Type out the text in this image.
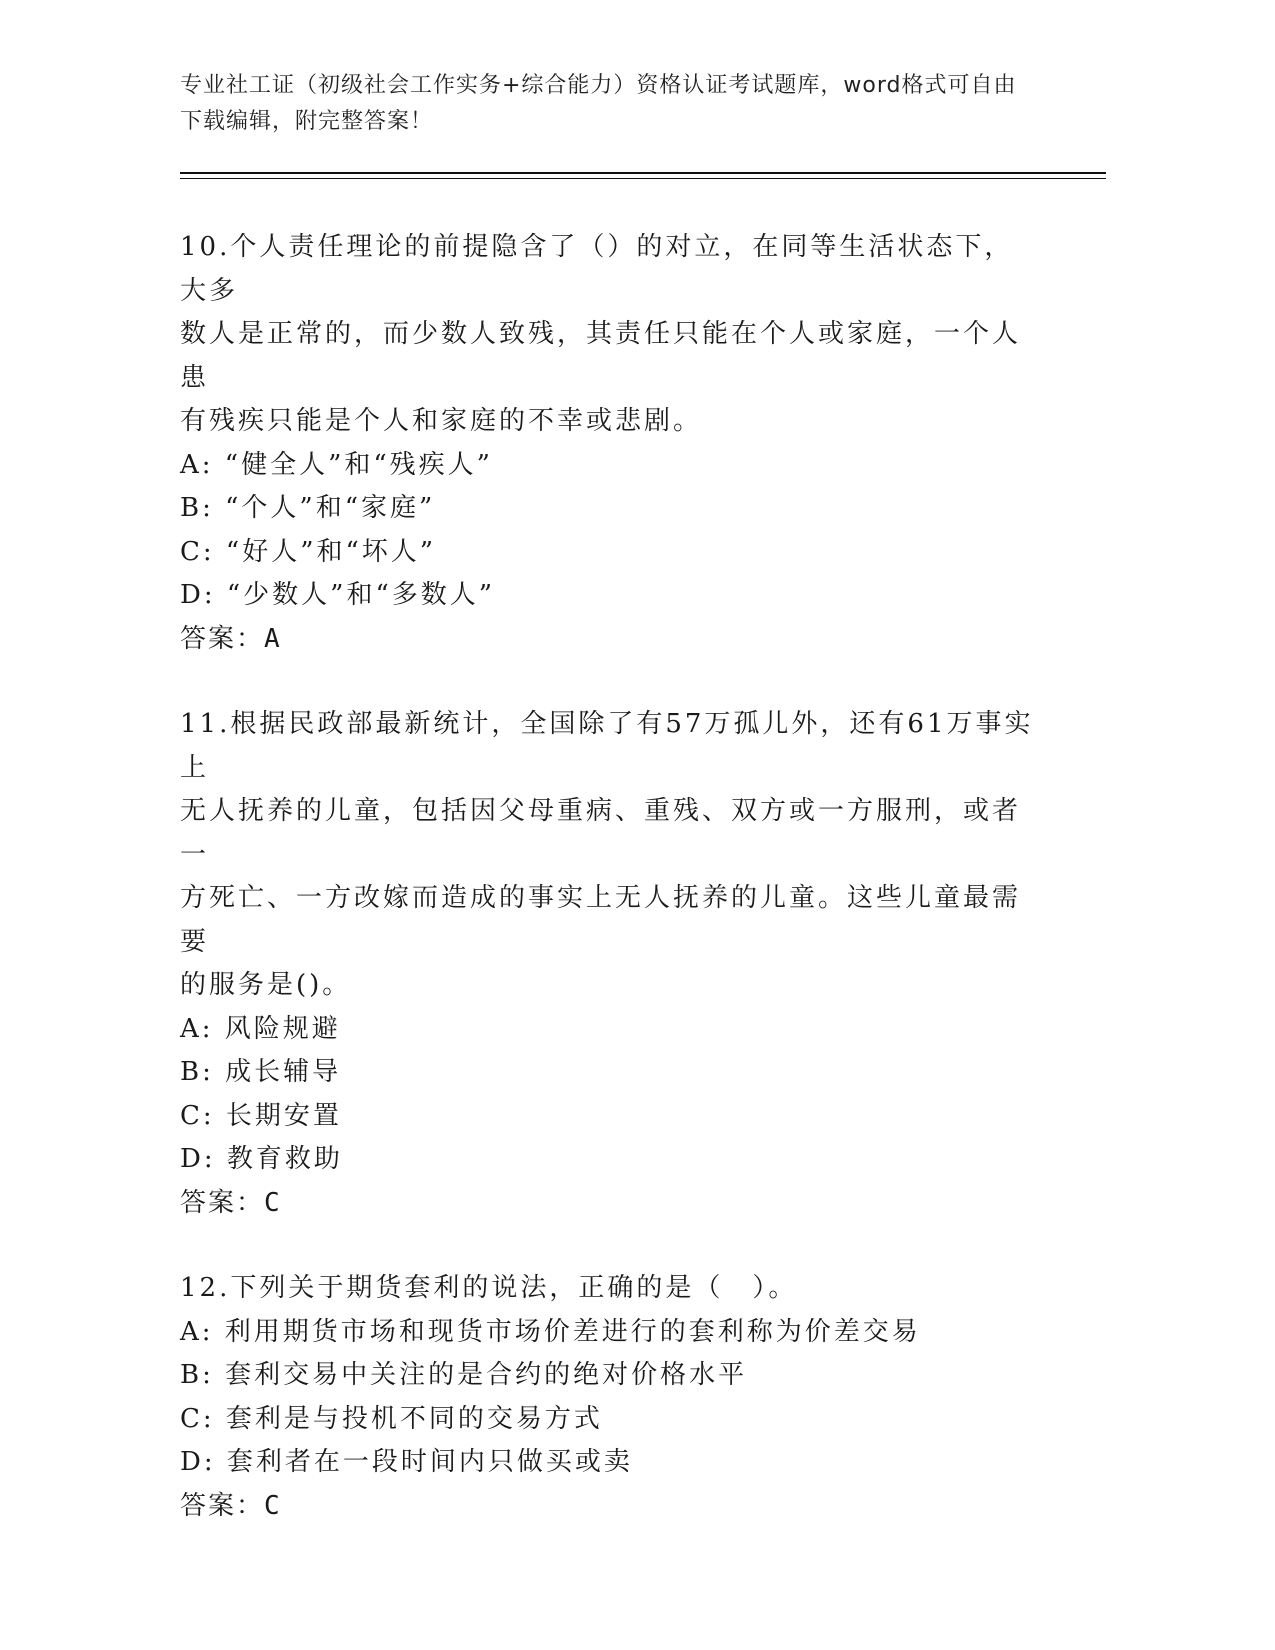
专业社工证（初级社会工作实务+综合能力）资格认证考试题库，word格式可自由
下载编辑，附完整答案！
10.个人责任理论的前提隐含了（）的对立，在同等生活状态下，大多
数人是正常的，而少数人致残，其责任只能在个人或家庭，一个人患
有残疾只能是个人和家庭的不幸或悲剧。
A: “健全人”和“残疾人”
B: “个人”和“家庭”
C: “好人”和“坏人”
D: “少数人”和“多数人”
答案：A
11.根据民政部最新统计，全国除了有57万孤儿外，还有61万事实上
无人抚养的儿童，包括因父母重病、重残、双方或一方服刑，或者一
方死亡、一方改嫁而造成的事实上无人抚养的儿童。这些儿童最需要
的服务是()。
A: 风险规避
B: 成长辅导
C: 长期安置
D: 教育救助
答案：C
12.下列关于期货套利的说法，正确的是（　）。
A: 利用期货市场和现货市场价差进行的套利称为价差交易
B: 套利交易中关注的是合约的绝对价格水平
C: 套利是与投机不同的交易方式
D: 套利者在一段时间内只做买或卖
答案：C
